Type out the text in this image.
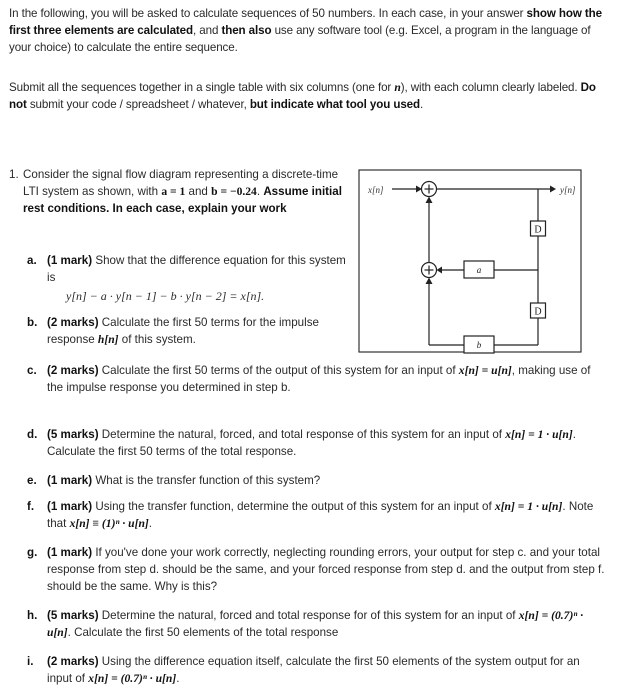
In the following, you will be asked to calculate sequences of 50 numbers. In each case, in your answer show how the first three elements are calculated, and then also use any software tool (e.g. Excel, a program in the language of your choice) to calculate the entire sequence.

Submit all the sequences together in a single table with six columns (one for n), with each column clearly labeled. Do not submit your code / spreadsheet / whatever, but indicate what tool you used.

1. Consider the signal flow diagram representing a discrete-time LTI system as shown, with a = 1 and b = −0.24. Assume initial rest conditions. In each case, explain your work

x[n]	y[n]
D
D
a
b
a. (1 mark) Show that the difference equation for this system is

y[n] − a · y[n − 1] − b · y[n − 2] = x[n].
b. (2 marks) Calculate the first 50 terms for the impulse response h[n] of this system.

c. (2 marks) Calculate the first 50 terms of the output of this system for an input of x[n] = u[n], making use of the impulse response you determined in step b.

d. (5 marks) Determine the natural, forced, and total response of this system for an input of x[n] = 1 · u[n]. Calculate the first 50 terms of the total response.

e. (1 mark) What is the transfer function of this system?

f. (1 mark) Using the transfer function, determine the output of this system for an input of x[n] = 1 · u[n]. Note that x[n] ≡ (1)ⁿ · u[n].

g. (1 mark) If you've done your work correctly, neglecting rounding errors, your output for step c. and your total response from step d. should be the same, and your forced response from step d. and the output from step f. should be the same. Why is this?

h. (5 marks) Determine the natural, forced and total response for of this system for an input of x[n] = (0.7)ⁿ · u[n]. Calculate the first 50 elements of the total response

i. (2 marks) Using the difference equation itself, calculate the first 50 elements of the system output for an input of x[n] = (0.7)ⁿ · u[n].
